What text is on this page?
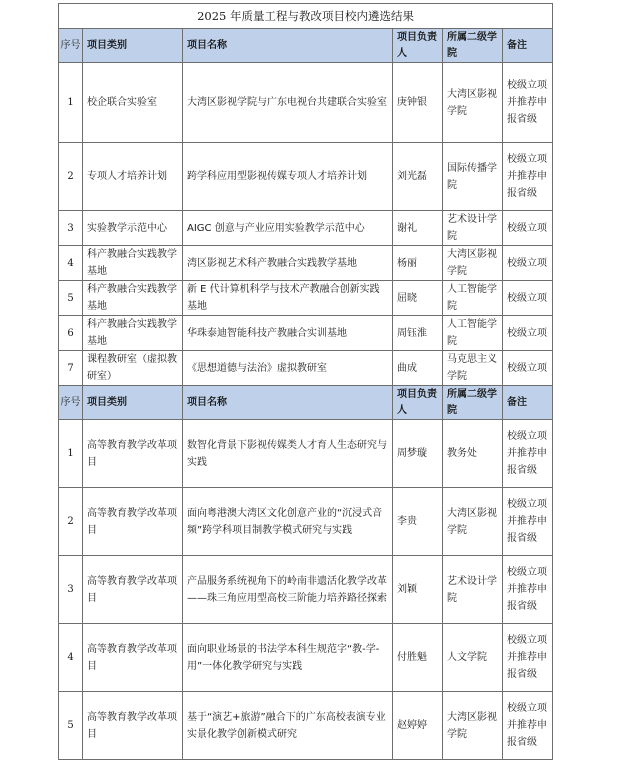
2025 年质量工程与教改项目校内遴选结果					
序号	项目类别	项目名称	项目负责人	所属二级学院	备注
1	校企联合实验室	大湾区影视学院与广东电视台共建联合实验室	庚钟银	大湾区影视学院	校级立项并推荐申报省级
2	专项人才培养计划	跨学科应用型影视传媒专项人才培养计划	刘光磊	国际传播学院	校级立项并推荐申报省级
3	实验教学示范中心	AIGC 创意与产业应用实验教学示范中心	谢礼	艺术设计学院	校级立项
4	科产教融合实践教学基地	湾区影视艺术科产教融合实践教学基地	杨丽	大湾区影视学院	校级立项
5	科产教融合实践教学基地	新 E 代计算机科学与技术产教融合创新实践基地	屈晓	人工智能学院	校级立项
6	科产教融合实践教学基地	华珠泰迪智能科技产教融合实训基地	周钰淮	人工智能学院	校级立项
7	课程教研室（虚拟教研室）	《思想道德与法治》虚拟教研室	曲成	马克思主义学院	校级立项
序号	项目类别	项目名称	项目负责人	所属二级学院	备注
1	高等教育教学改革项目	数智化背景下影视传媒类人才育人生态研究与实践	周梦璇	教务处	校级立项并推荐申报省级
2	高等教育教学改革项目	面向粤港澳大湾区文化创意产业的“沉浸式音频”跨学科项目制教学模式研究与实践	李贵	大湾区影视学院	校级立项并推荐申报省级
3	高等教育教学改革项目	产品服务系统视角下的岭南非遗活化教学改革——珠三角应用型高校三阶能力培养路径探索	刘颖	艺术设计学院	校级立项并推荐申报省级
4	高等教育教学改革项目	面向职业场景的书法学本科生规范字“教-学-用”一体化教学研究与实践	付胜魁	人文学院	校级立项并推荐申报省级
5	高等教育教学改革项目	基于“演艺+旅游”融合下的广东高校表演专业实景化教学创新模式研究	赵婷婷	大湾区影视学院	校级立项并推荐申报省级
